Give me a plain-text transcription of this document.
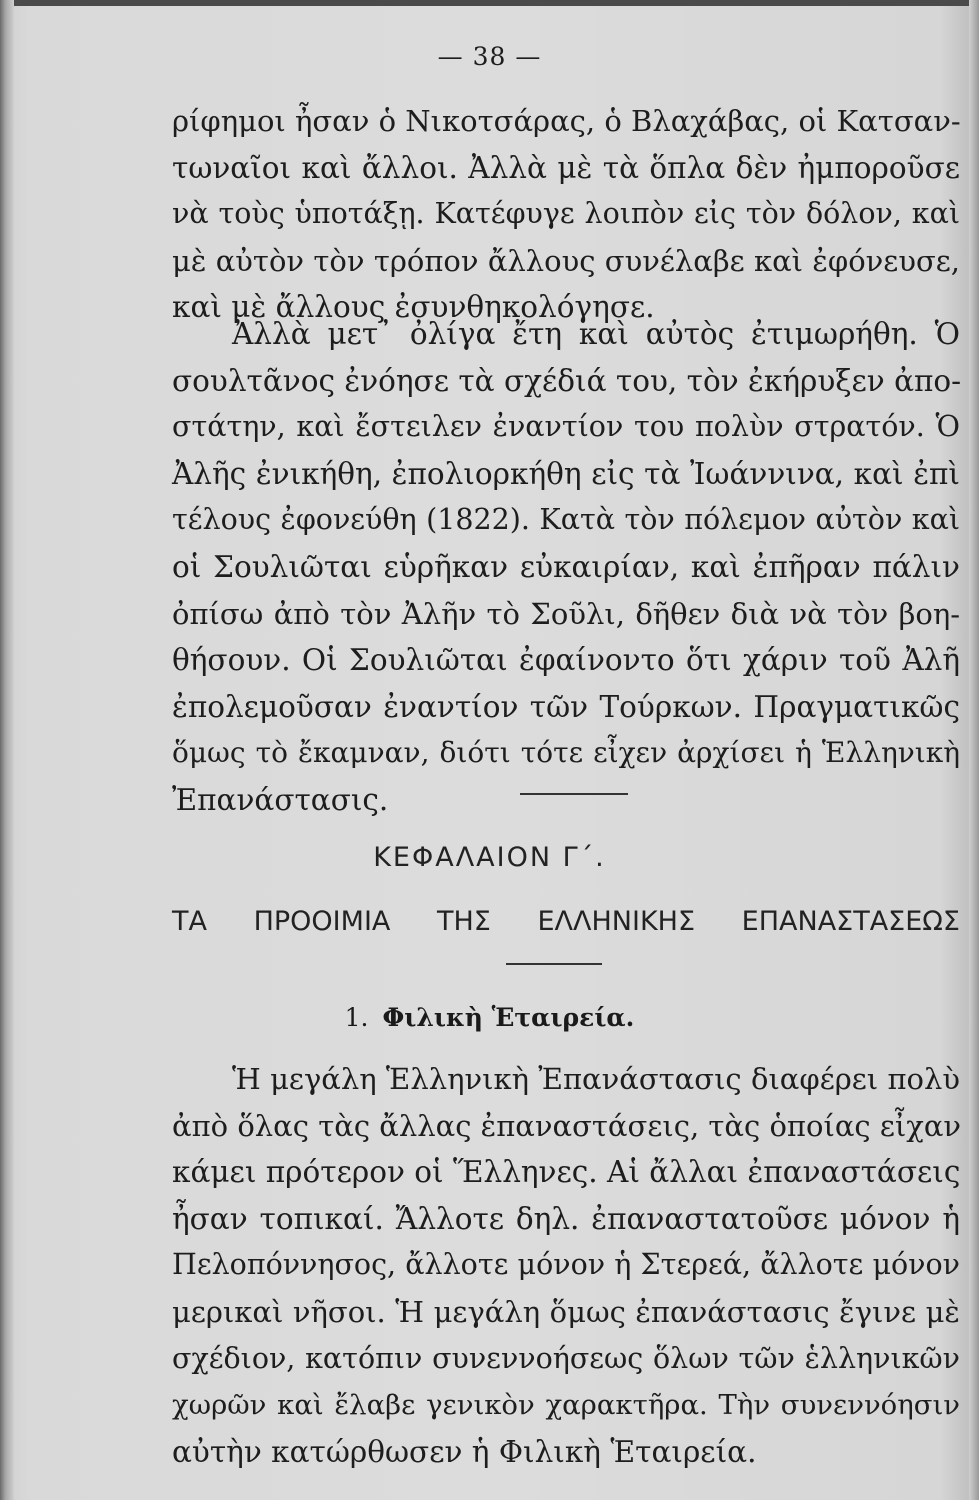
— 38 —
ρίφημοι ἦσαν ὁ Νικοτσάρας, ὁ Βλαχάβας, οἱ Κατσαν-
τωναῖοι καὶ ἄλλοι. Ἀλλὰ μὲ τὰ ὅπλα δὲν ἠμποροῦσε
νὰ τοὺς ὑποτάξῃ. Κατέφυγε λοιπὸν εἰς τὸν δόλον, καὶ
μὲ αὐτὸν τὸν τρόπον ἄλλους συνέλαβε καὶ ἐφόνευσε,
καὶ μὲ ἄλλους ἐσυνθηκολόγησε.
Ἀλλὰ μετ᾽ ὀλίγα ἔτη καὶ αὐτὸς ἐτιμωρήθη. Ὁ
σουλτᾶνος ἐνόησε τὰ σχέδιά του, τὸν ἐκήρυξεν ἀπο-
στάτην, καὶ ἔστειλεν ἐναντίον του πολὺν στρατόν. Ὁ
Ἀλῆς ἐνικήθη, ἐπολιορκήθη εἰς τὰ Ἰωάννινα, καὶ ἐπὶ
τέλους ἐφονεύθη (1822). Κατὰ τὸν πόλεμον αὐτὸν καὶ
οἱ Σουλιῶται εὑρῆκαν εὐκαιρίαν, καὶ ἐπῆραν πάλιν
ὀπίσω ἀπὸ τὸν Ἀλῆν τὸ Σοῦλι, δῆθεν διὰ νὰ τὸν βοη-
θήσουν. Οἱ Σουλιῶται ἐφαίνοντο ὅτι χάριν τοῦ Ἀλῆ
ἐπολεμοῦσαν ἐναντίον τῶν Τούρκων. Πραγματικῶς
ὅμως τὸ ἔκαμναν, διότι τότε εἶχεν ἀρχίσει ἡ Ἑλληνικὴ
Ἐπανάστασις.
ΚΕΦΑΛΑΙΟΝ Γ΄.
ΤΑ ΠΡΟΟΙΜΙΑ ΤΗΣ ΕΛΛΗΝΙΚΗΣ ΕΠΑΝΑΣΤΑΣΕΩΣ
1. Φιλικὴ Ἑταιρεία.
Ἡ μεγάλη Ἑλληνικὴ Ἐπανάστασις διαφέρει πολὺ
ἀπὸ ὅλας τὰς ἄλλας ἐπαναστάσεις, τὰς ὁποίας εἶχαν
κάμει πρότερον οἱ Ἕλληνες. Αἱ ἄλλαι ἐπαναστάσεις
ἦσαν τοπικαί. Ἄλλοτε δηλ. ἐπαναστατοῦσε μόνον ἡ
Πελοπόννησος, ἄλλοτε μόνον ἡ Στερεά, ἄλλοτε μόνον
μερικαὶ νῆσοι. Ἡ μεγάλη ὅμως ἐπανάστασις ἔγινε μὲ
σχέδιον, κατόπιν συνεννοήσεως ὅλων τῶν ἑλληνικῶν
χωρῶν καὶ ἔλαβε γενικὸν χαρακτῆρα. Τὴν συνεννόησιν
αὐτὴν κατώρθωσεν ἡ Φιλικὴ Ἑταιρεία.
